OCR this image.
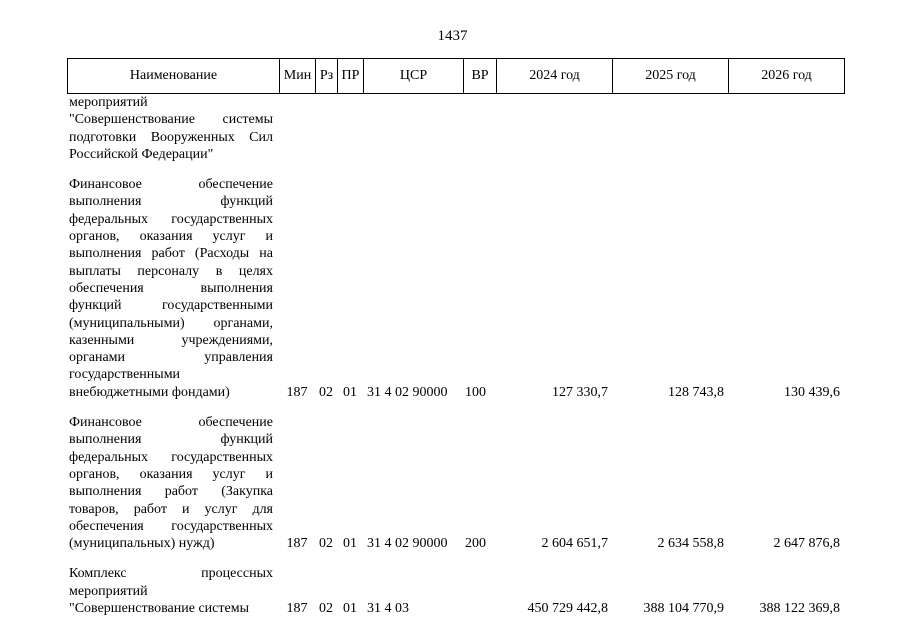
1437
Наименование	Мин	Рз	ПР	ЦСР	ВР	2024 год	2025 год	2026 год
мероприятий "Совершенствование системы подготовки Вооруженных Сил Российской Федерации"								

Финансовое обеспечение выполнения функций федеральных государственных органов, оказания услуг и выполнения работ (Расходы на выплаты персоналу в целях обеспечения выполнения функций государственными (муниципальными) органами, казенными учреждениями, органами управления государственными внебюджетными фондами)	187	02	01	31 4 02 90000	100	127 330,7	128 743,8	130 439,6

Финансовое обеспечение выполнения функций федеральных государственных органов, оказания услуг и выполнения работ (Закупка товаров, работ и услуг для обеспечения государственных (муниципальных) нужд)	187	02	01	31 4 02 90000	200	2 604 651,7	2 634 558,8	2 647 876,8

Комплекс процессных мероприятий "Совершенствование системы	187	02	01	31 4 03		450 729 442,8	388 104 770,9	388 122 369,8
